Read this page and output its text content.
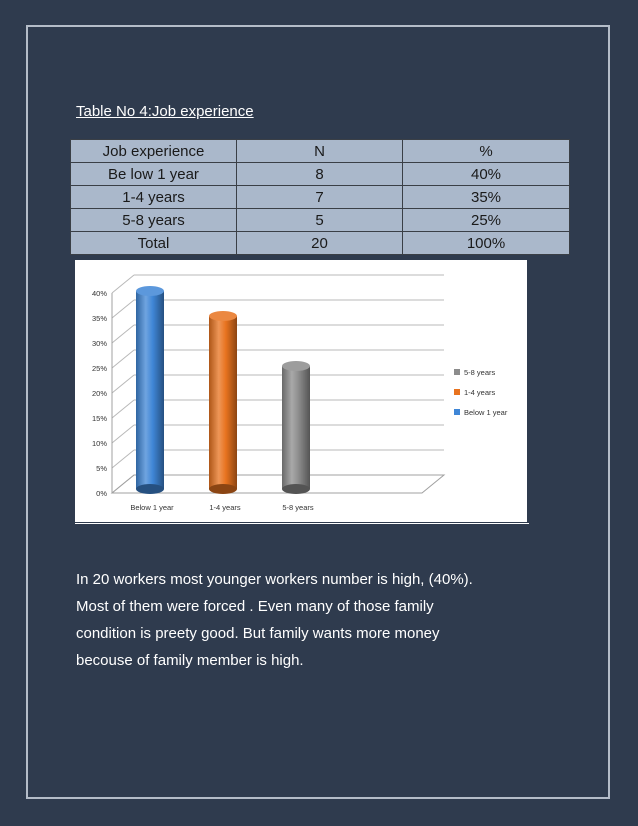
Table No 4:Job experience
Job experience	N	%
Be low 1 year	8	40%
1-4 years	7	35%
5-8 years	5	25%
Total	20	100%
0%
5%
10%
15%
20%
25%
30%
35%
40%
Below 1 year	1-4 years	5-8 years
5-8 years
1-4 years
Below 1 year

In 20 workers most younger workers number is high, (40%).

Most of them were forced . Even many of those family

condition is preety good. But family wants more money

becouse of family member is high.
